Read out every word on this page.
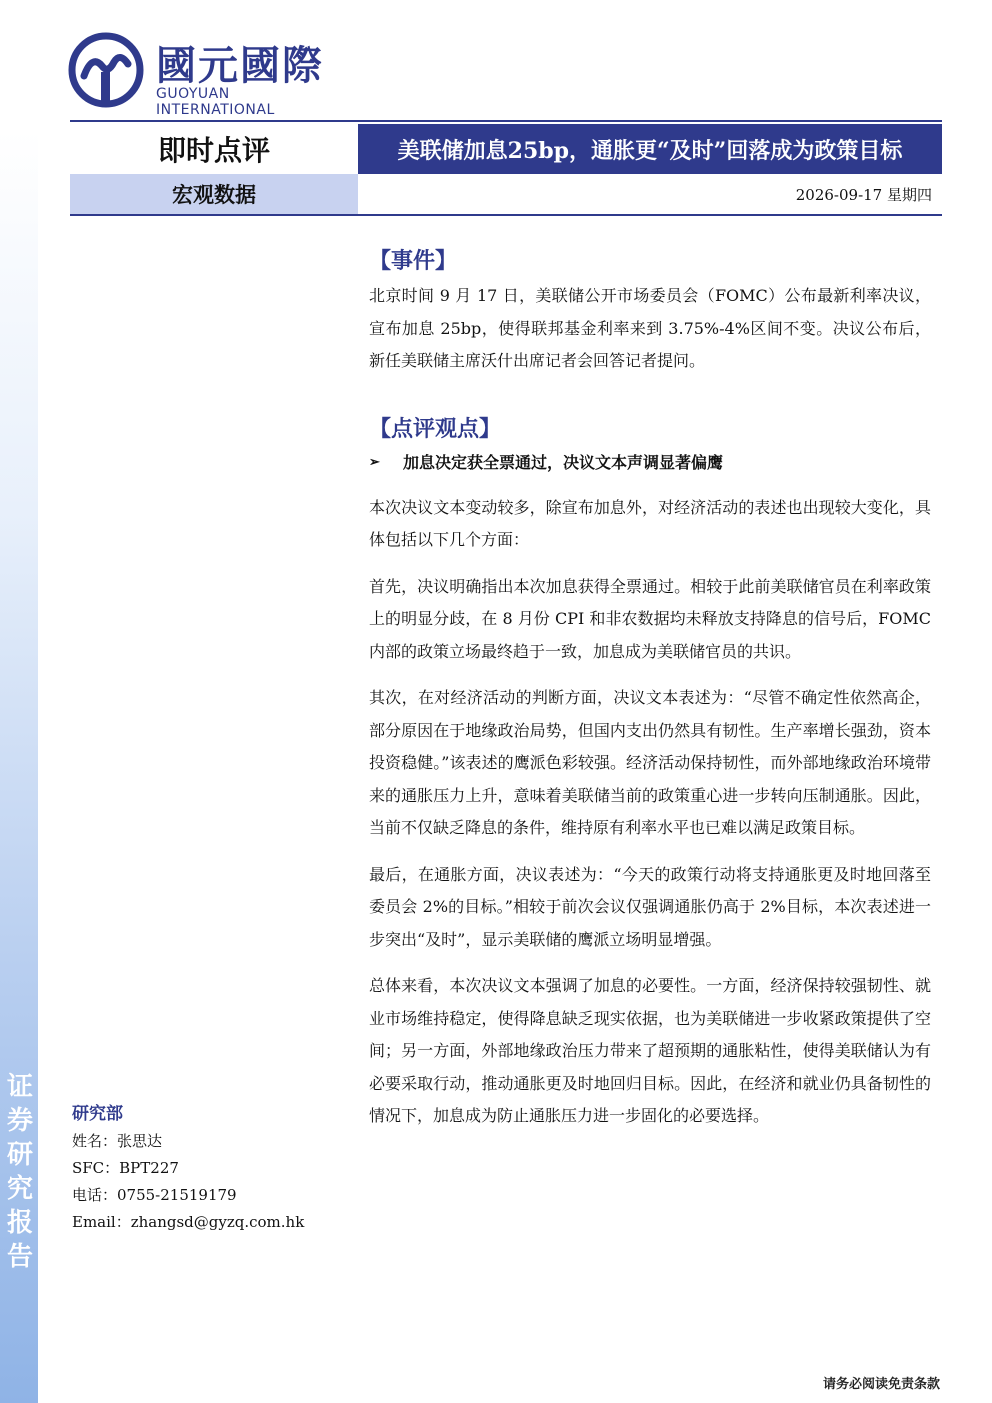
证
券
研
究
报
告
國元國際
GUOYUAN INTERNATIONAL
即时点评	美联储加息25bp，通胀更“及时”回落成为政策目标
宏观数据	2026-09-17 星期四

【事件】

北京时间 9 月 17 日，美联储公开市场委员会（FOMC）公布最新利率决议，宣布加息 25bp，使得联邦基金利率来到 3.75%-4%区间不变。决议公布后，新任美联储主席沃什出席记者会回答记者提问。

【点评观点】

➢	加息决定获全票通过，决议文本声调显著偏鹰

本次决议文本变动较多，除宣布加息外，对经济活动的表述也出现较大变化，具体包括以下几个方面：

首先，决议明确指出本次加息获得全票通过。相较于此前美联储官员在利率政策上的明显分歧，在 8 月份 CPI 和非农数据均未释放支持降息的信号后，FOMC 内部的政策立场最终趋于一致，加息成为美联储官员的共识。

其次，在对经济活动的判断方面，决议文本表述为：“尽管不确定性依然高企，部分原因在于地缘政治局势，但国内支出仍然具有韧性。生产率增长强劲，资本投资稳健。”该表述的鹰派色彩较强。经济活动保持韧性，而外部地缘政治环境带来的通胀压力上升，意味着美联储当前的政策重心进一步转向压制通胀。因此，当前不仅缺乏降息的条件，维持原有利率水平也已难以满足政策目标。

最后，在通胀方面，决议表述为：“今天的政策行动将支持通胀更及时地回落至委员会 2%的目标。”相较于前次会议仅强调通胀仍高于 2%目标，本次表述进一步突出“及时”，显示美联储的鹰派立场明显增强。

总体来看，本次决议文本强调了加息的必要性。一方面，经济保持较强韧性、就业市场维持稳定，使得降息缺乏现实依据，也为美联储进一步收紧政策提供了空间；另一方面，外部地缘政治压力带来了超预期的通胀粘性，使得美联储认为有必要采取行动，推动通胀更及时地回归目标。因此，在经济和就业仍具备韧性的情况下，加息成为防止通胀压力进一步固化的必要选择。

研究部
姓名：张思达
SFC：BPT227
电话：0755-21519179
Email：zhangsd@gyzq.com.hk
请务必阅读免责条款
